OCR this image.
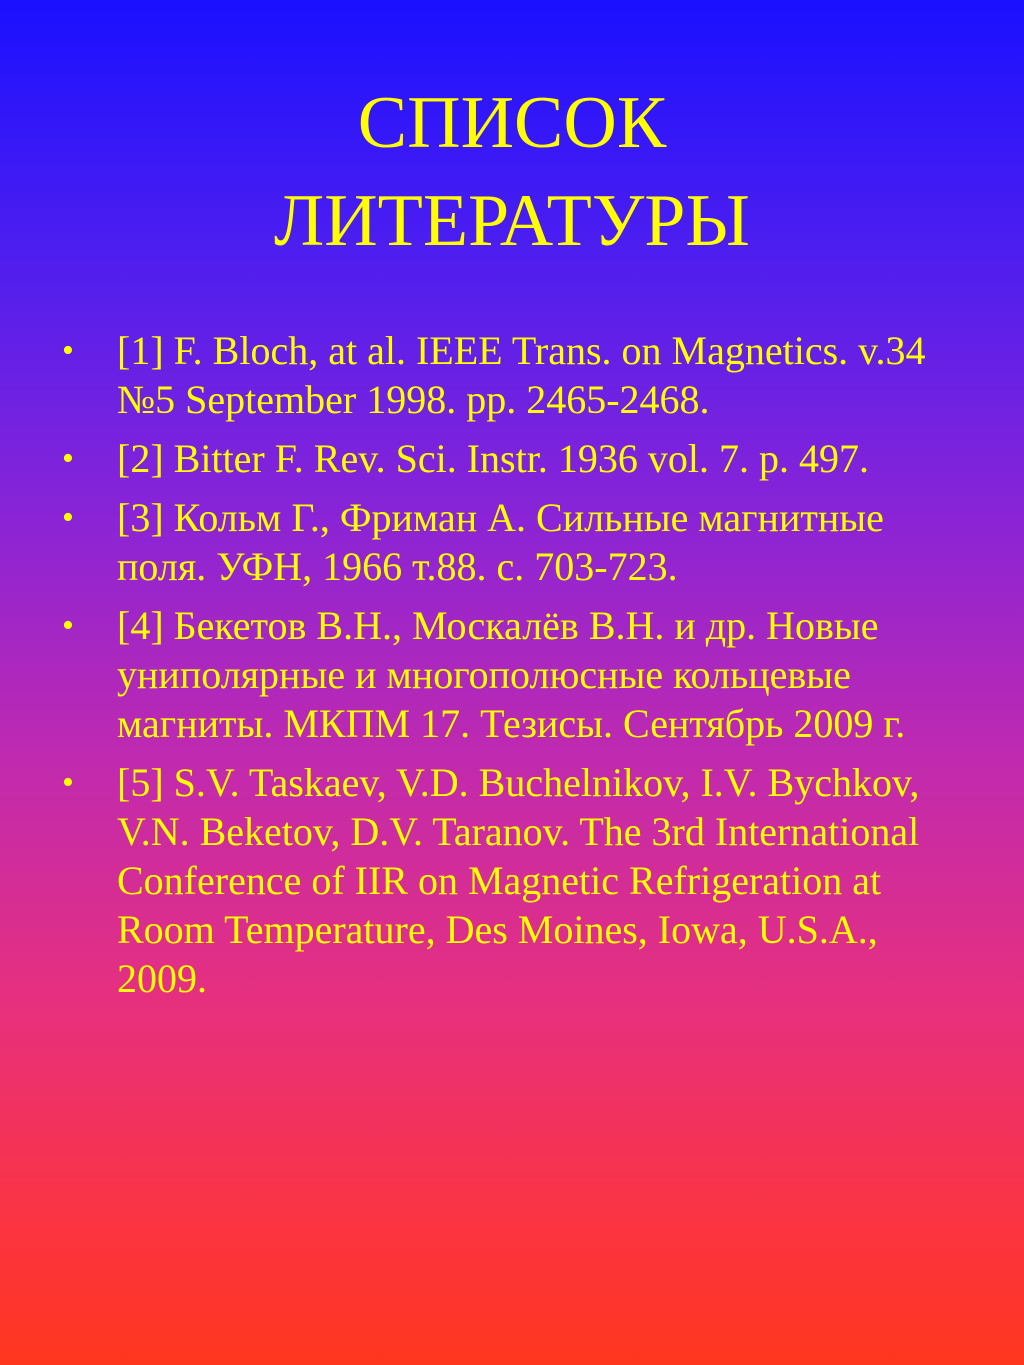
СПИСОК
ЛИТЕРАТУРЫ
• [1] F. Bloch, at al. IEEE Trans. on Magnetics. v.34 №5 September 1998. pp. 2465-2468.
• [2] Bitter F. Rev. Sci. Instr. 1936 vol. 7. p. 497.
• [3] Кольм Г., Фриман А. Сильные магнитные поля. УФН, 1966 т.88. с. 703-723.
• [4] Бекетов В.Н., Москалёв В.Н. и др. Новые униполярные и многополюсные кольцевые магниты. МКПМ 17. Тезисы. Сентябрь 2009 г.
• [5] S.V. Taskaev, V.D. Buchelnikov, I.V. Bychkov, V.N. Beketov, D.V. Taranov. The 3rd International Conference of IIR on Magnetic Refrigeration at Room Temperature, Des Moines, Iowa, U.S.A., 2009.
